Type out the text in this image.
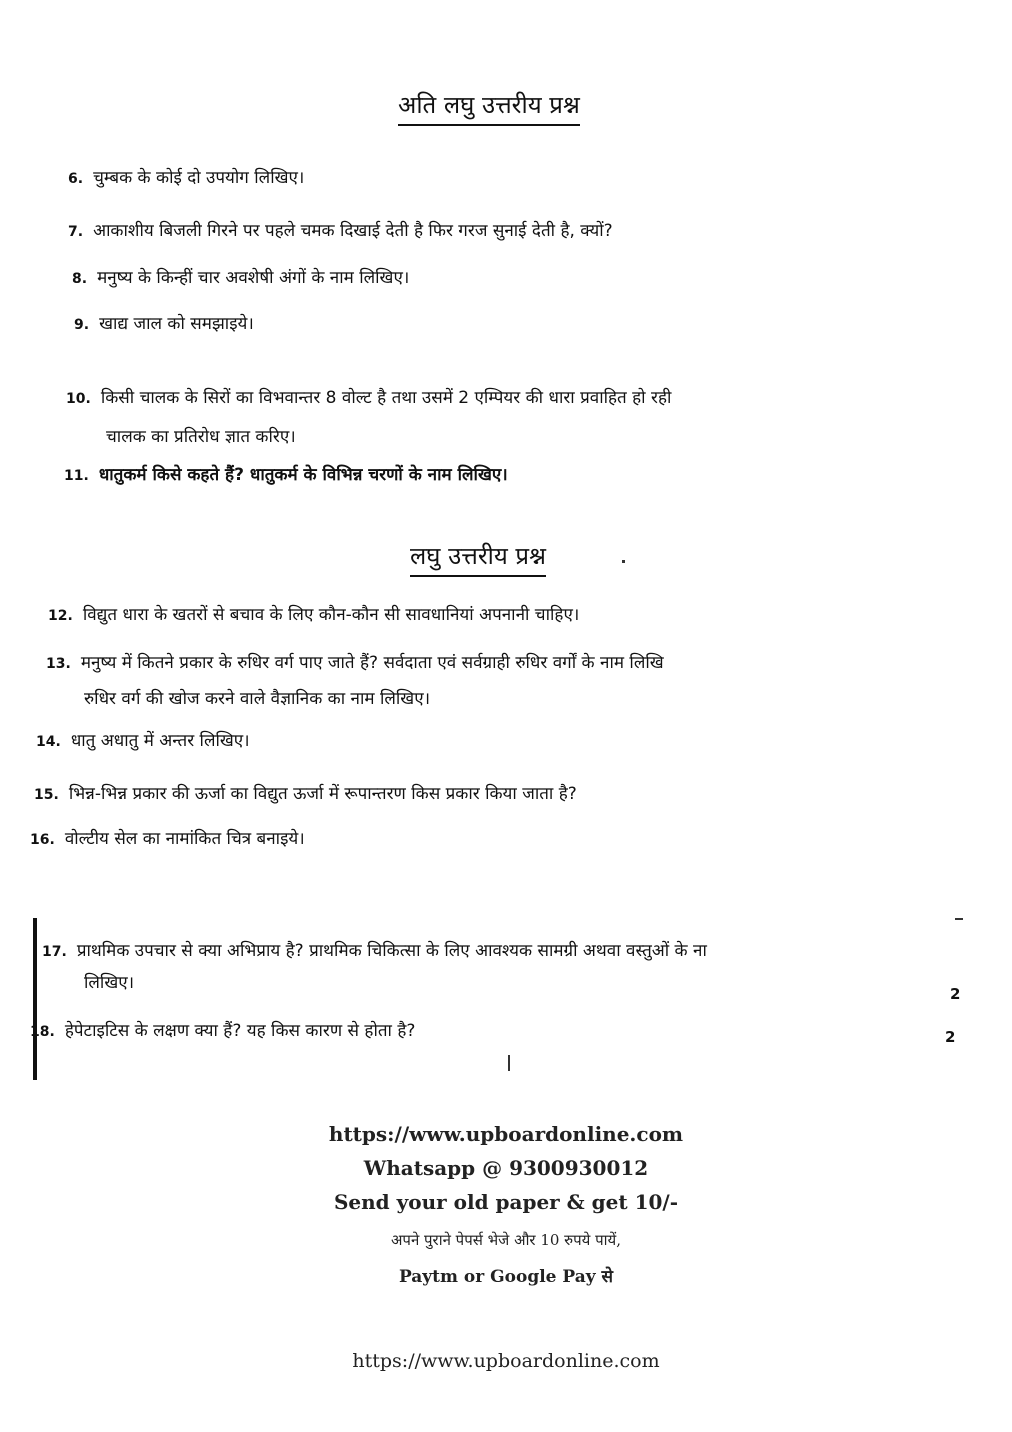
अति लघु उत्तरीय प्रश्न
6. चुम्बक के कोई दो उपयोग लिखिए।
7. आकाशीय बिजली गिरने पर पहले चमक दिखाई देती है फिर गरज सुनाई देती है, क्यों?
8. मनुष्य के किन्हीं चार अवशेषी अंगों के नाम लिखिए।
9. खाद्य जाल को समझाइये।
10. किसी चालक के सिरों का विभवान्तर 8 वोल्ट है तथा उसमें 2 एम्पियर की धारा प्रवाहित हो रही
चालक का प्रतिरोध ज्ञात करिए।
11. धातुकर्म किसे कहते हैं? धातुकर्म के विभिन्न चरणों के नाम लिखिए।
लघु उत्तरीय प्रश्न
12. विद्युत धारा के खतरों से बचाव के लिए कौन-कौन सी सावधानियां अपनानी चाहिए।
13. मनुष्य में कितने प्रकार के रुधिर वर्ग पाए जाते हैं? सर्वदाता एवं सर्वग्राही रुधिर वर्गों के नाम लिखि
रुधिर वर्ग की खोज करने वाले वैज्ञानिक का नाम लिखिए।
14. धातु अधातु में अन्तर लिखिए।
15. भिन्न-भिन्न प्रकार की ऊर्जा का विद्युत ऊर्जा में रूपान्तरण किस प्रकार किया जाता है?
16. वोल्टीय सेल का नामांकित चित्र बनाइये।
17. प्राथमिक उपचार से क्या अभिप्राय है? प्राथमिक चिकित्सा के लिए आवश्यक सामग्री अथवा वस्तुओं के ना
लिखिए।
2
18. हेपेटाइटिस के लक्षण क्या हैं? यह किस कारण से होता है?	2
https://www.upboardonline.com
Whatsapp @ 9300930012
Send your old paper & get 10/-
अपने पुराने पेपर्स भेजे और 10 रुपये पायें,
Paytm or Google Pay से
https://www.upboardonline.com
